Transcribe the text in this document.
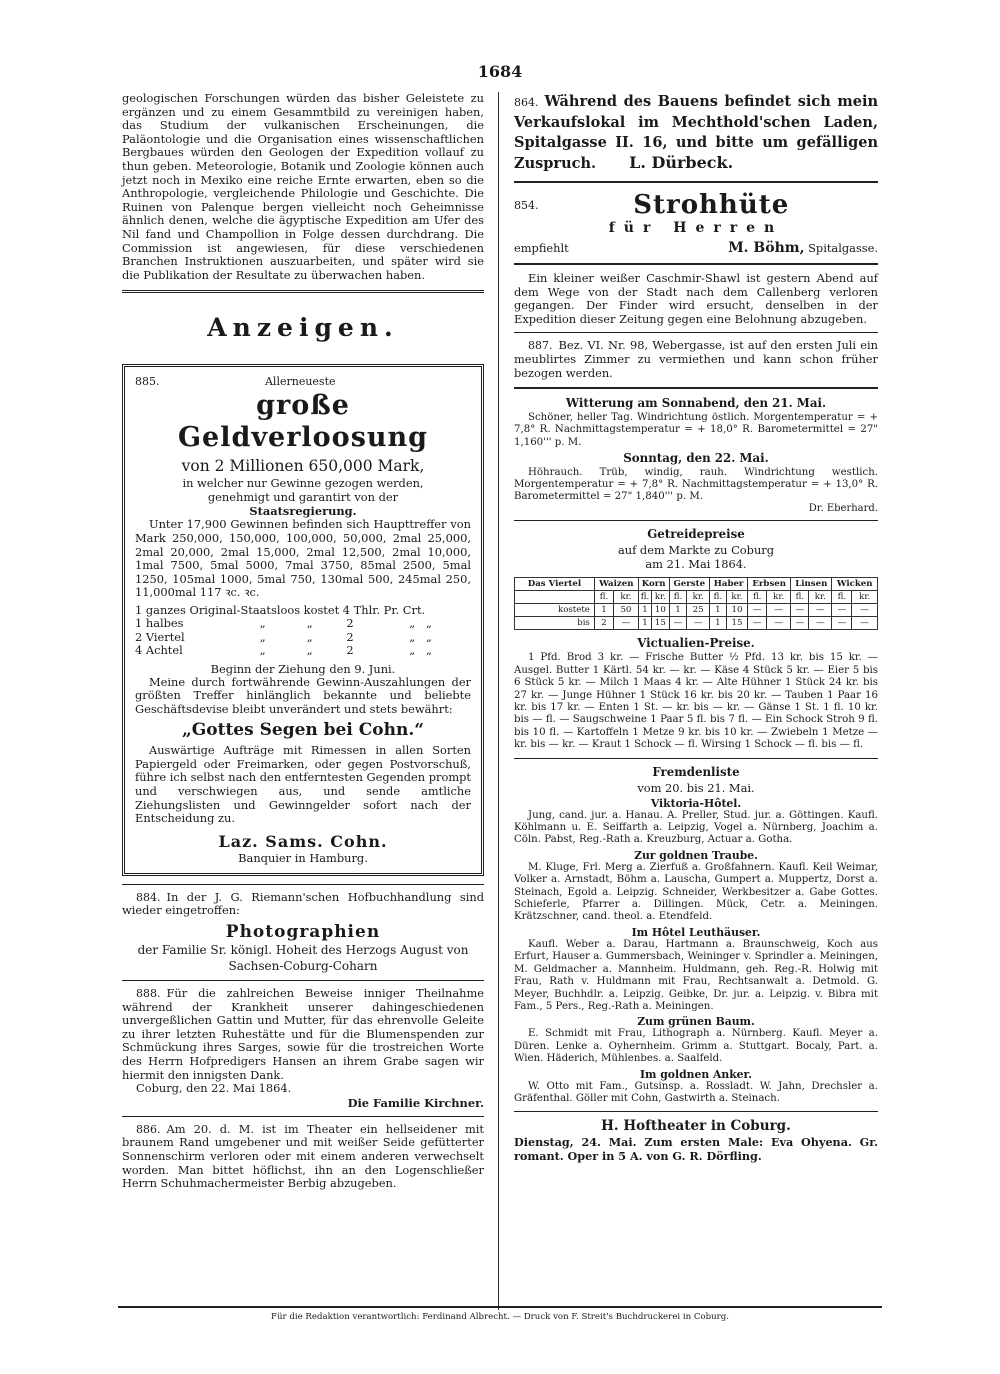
1684

geologischen Forschungen würden das bisher Geleistete zu ergänzen und zu einem Gesammtbild zu vereinigen haben, das Studium der vulkanischen Erscheinungen, die Paläontologie und die Organisation eines wissenschaftlichen Bergbaues würden den Geologen der Expedition vollauf zu thun geben. Meteorologie, Botanik und Zoologie können auch jetzt noch in Mexiko eine reiche Ernte erwarten, eben so die Anthropologie, vergleichende Philologie und Geschichte. Die Ruinen von Palenque bergen vielleicht noch Geheimnisse ähnlich denen, welche die ägyptische Expedition am Ufer des Nil fand und Champollion in Folge dessen durchdrang. Die Commission ist angewiesen, für diese verschiedenen Branchen Instruktionen auszuarbeiten, und später wird sie die Publikation der Resultate zu überwachen haben.

Anzeigen.
885.	Allerneueste
große Geldverloosung
von 2 Millionen 650,000 Mark,
in welcher nur Gewinne gezogen werden,
genehmigt und garantirt von der
Staatsregierung.

Unter 17,900 Gewinnen befinden sich Haupttreffer von Mark 250,000, 150,000, 100,000, 50,000, 2mal 25,000, 2mal 20,000, 2mal 15,000, 2mal 12,500, 2mal 10,000, 1mal 7500, 5mal 5000, 7mal 3750, 85mal 2500, 5mal 1250, 105mal 1000, 5mal 750, 130mal 500, 245mal 250, 11,000mal 117 ꝛc. ꝛc.

1 ganzes Original-Staatsloos kostet 4 Thlr. Pr. Crt.				
1 halbes	„	„	2	„ „
2 Viertel	„	„	2	„ „
4 Achtel	„	„	2	„ „
Beginn der Ziehung den 9. Juni.

Meine durch fortwährende Gewinn-Auszahlungen der größten Treffer hinlänglich bekannte und beliebte Geschäftsdevise bleibt unverändert und stets bewährt:

„Gottes Segen bei Cohn.“

Auswärtige Aufträge mit Rimessen in allen Sorten Papiergeld oder Freimarken, oder gegen Postvorschuß, führe ich selbst nach den entferntesten Gegenden prompt und verschwiegen aus, und sende amtliche Ziehungslisten und Gewinngelder sofort nach der Entscheidung zu.

Laz. Sams. Cohn.
Banquier in Hamburg.

884. In der J. G. Riemann'schen Hofbuchhandlung sind wieder eingetroffen:

Photographien
der Familie Sr. königl. Hoheit des Herzogs August von Sachsen-Coburg-Coharn

888. Für die zahlreichen Beweise inniger Theilnahme während der Krankheit unserer dahingeschiedenen unvergeßlichen Gattin und Mutter, für das ehrenvolle Geleite zu ihrer letzten Ruhestätte und für die Blumenspenden zur Schmückung ihres Sarges, sowie für die trostreichen Worte des Herrn Hofpredigers Hansen an ihrem Grabe sagen wir hiermit den innigsten Dank.

Coburg, den 22. Mai 1864.

Die Familie Kirchner.

886. Am 20. d. M. ist im Theater ein hellseidener mit braunem Rand umgebener und mit weißer Seide gefütterter Sonnenschirm verloren oder mit einem anderen verwechselt worden. Man bittet höflichst, ihn an den Logenschließer Herrn Schuhmachermeister Berbig abzugeben.

864. Während des Bauens befindet sich mein Verkaufslokal im Mechthold'schen Laden, Spitalgasse II. 16, und bitte um gefälligen Zuspruch. L. Dürbeck.

854.	Strohhüte
für Herren
empfiehlt	M. Böhm, Spitalgasse.

Ein kleiner weißer Caschmir-Shawl ist gestern Abend auf dem Wege von der Stadt nach dem Callenberg verloren gegangen. Der Finder wird ersucht, denselben in der Expedition dieser Zeitung gegen eine Belohnung abzugeben.

887. Bez. VI. Nr. 98, Webergasse, ist auf den ersten Juli ein meublirtes Zimmer zu vermiethen und kann schon früher bezogen werden.

Witterung am Sonnabend, den 21. Mai.

Schöner, heller Tag. Windrichtung östlich. Morgentemperatur = + 7,8° R. Nachmittagstemperatur = + 18,0° R. Barometermittel = 27" 1,160''' p. M.

Sonntag, den 22. Mai.

Höhrauch. Trüb, windig, rauh. Windrichtung westlich. Morgentemperatur = + 7,8° R. Nachmittagstemperatur = + 13,0° R. Barometermittel = 27" 1,840''' p. M.

Dr. Eberhard.
Getreidepreise
auf dem Markte zu Coburg
am 21. Mai 1864.
Das Viertel	Waizen		Korn		Gerste		Haber		Erbsen		Linsen		Wicken	
	fl.	kr.	fl.	kr.	fl.	kr.	fl.	kr.	fl.	kr.	fl.	kr.	fl.	kr.
kostete	1	50	1	10	1	25	1	10	—	—	—	—	—	—
bis	2	—	1	15	—	—	1	15	—	—	—	—	—	—
Victualien-Preise.

1 Pfd. Brod 3 kr. — Frische Butter ½ Pfd. 13 kr. bis 15 kr. — Ausgel. Butter 1 Kärtl. 54 kr. — kr. — Käse 4 Stück 5 kr. — Eier 5 bis 6 Stück 5 kr. — Milch 1 Maas 4 kr. — Alte Hühner 1 Stück 24 kr. bis 27 kr. — Junge Hühner 1 Stück 16 kr. bis 20 kr. — Tauben 1 Paar 16 kr. bis 17 kr. — Enten 1 St. — kr. bis — kr. — Gänse 1 St. 1 fl. 10 kr. bis — fl. — Saugschweine 1 Paar 5 fl. bis 7 fl. — Ein Schock Stroh 9 fl. bis 10 fl. — Kartoffeln 1 Metze 9 kr. bis 10 kr. — Zwiebeln 1 Metze — kr. bis — kr. — Kraut 1 Schock — fl. Wirsing 1 Schock — fl. bis — fl.

Fremdenliste
vom 20. bis 21. Mai.
Viktoria-Hôtel.

Jung, cand. jur. a. Hanau. A. Preller, Stud. jur. a. Göttingen. Kaufl. Köhlmann u. E. Seiffarth a. Leipzig, Vogel a. Nürnberg, Joachim a. Cöln. Pabst, Reg.-Rath a. Kreuzburg, Actuar a. Gotha.

Zur goldnen Traube.

M. Kluge, Frl. Merg a. Zierfuß a. Großfahnern. Kaufl. Keil Weimar, Volker a. Arnstadt, Böhm a. Lauscha, Gumpert a. Muppertz, Dorst a. Steinach, Egold a. Leipzig. Schneider, Werkbesitzer a. Gabe Gottes. Schieferle, Pfarrer a. Dillingen. Mück, Cetr. a. Meiningen. Krätzschner, cand. theol. a. Etendfeld.

Im Hôtel Leuthäuser.

Kaufl. Weber a. Darau, Hartmann a. Braunschweig, Koch aus Erfurt, Hauser a. Gummersbach, Weininger v. Sprindler a. Meiningen, M. Geldmacher a. Mannheim. Huldmann, geh. Reg.-R. Holwig mit Frau, Rath v. Huldmann mit Frau, Rechtsanwalt a. Detmold. G. Meyer, Buchhdlr. a. Leipzig. Geibke, Dr. jur. a. Leipzig. v. Bibra mit Fam., 5 Pers., Reg.-Rath a. Meiningen.

Zum grünen Baum.

E. Schmidt mit Frau, Lithograph a. Nürnberg. Kaufl. Meyer a. Düren. Lenke a. Oyhernheim. Grimm a. Stuttgart. Bocaly, Part. a. Wien. Häderich, Mühlenbes. a. Saalfeld.

Im goldnen Anker.

W. Otto mit Fam., Gutsinsp. a. Rossladt. W. Jahn, Drechsler a. Gräfenthal. Göller mit Cohn, Gastwirth a. Steinach.

H. Hoftheater in Coburg.

Dienstag, 24. Mai. Zum ersten Male: Eva Ohyena. Gr. romant. Oper in 5 A. von G. R. Dörfling.

Für die Redaktion verantwortlich: Ferdinand Albrecht. — Druck von F. Streit's Buchdruckerei in Coburg.
